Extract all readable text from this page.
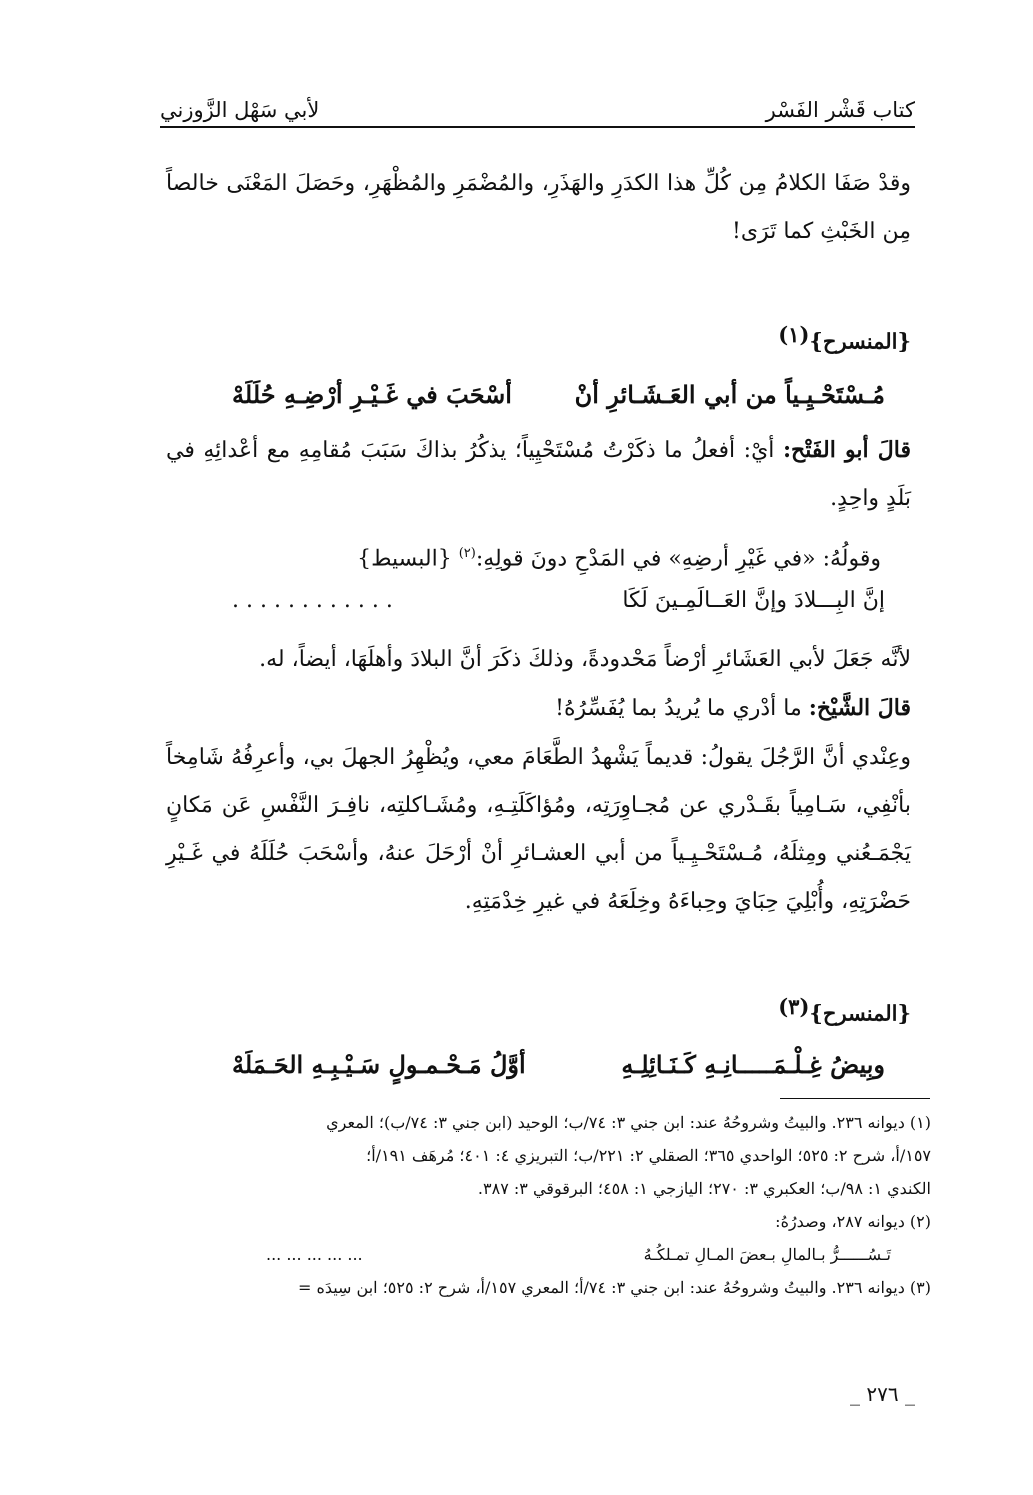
كتاب قَشْر الفَسْر
لأبي سَهْل الزَّوزني

وقدْ صَفَا الكلامُ مِن كُلِّ هذا الكدَرِ والهَذَرِ، والمُضْمَرِ والمُظْهَرِ، وحَصَلَ المَعْنَى خالصاً مِن الخَبْثِ كما تَرَى!

{المنسرح}$^{(١)}$
مُـسْتَحْـيِـياً من أبي العَـشَـائرِ أنْ
أسْحَبَ في غَـيْـرِ أرْضِـهِ حُلَلَهْ

قالَ أبو الفَتْح: أيْ: أفعلُ ما ذكَرْتُ مُسْتَحْيِياً؛ يذكُرُ بذاكَ سَبَبَ مُقامِهِ مع أعْدائِهِ في بَلَدٍ واحِدٍ.

وقولُهُ: «في غَيْرِ أرضِهِ» في المَدْحِ دونَ قولِهِ:$^{(٢)}$ {البسيط}

إنَّ البِـــلادَ وإنَّ العَــالَمِـينَ لَكَا
. . . . . . . . . . . .

لأنَّه جَعَلَ لأبي العَشَائرِ أرْضاً مَحْدودةً، وذلكَ ذكَرَ أنَّ البلادَ وأهلَهَا، أيضاً، له.

قالَ الشَّيْخ: ما أدْري ما يُريدُ بما يُفَسِّرُهُ!

وعِنْدي أنَّ الرَّجُلَ يقولُ: قديماً يَشْهدُ الطَّعَامَ معي، ويُظْهِرُ الجهلَ بي، وأعرِفُهُ شَامِخاً بأنْفِي، سَـامِياً بقَـدْري عن مُجـاوِرَتِه، ومُؤاكَلَتِـهِ، ومُشَـاكلتِه، نافِـرَ النَّفْسِ عَن مَكانٍ يَجْمَـعُني ومِثلَهُ، مُـسْتَحْـيِـياً من أبي العشـائرِ أنْ أرْحَلَ عنهُ، وأسْحَبَ حُلَلَهُ في غَـيْرِ حَضْرَتِهِ، وأُبْلِيَ حِبَايَ وحِباءَهُ وخِلَعَهُ في غيرِ خِدْمَتِهِ.

{المنسرح}$^{(٣)}$
وبِيضُ غِـلْـمَـــــانِـهِ كَـنَـائِلِـهِ
أوَّلُ مَـحْـمـولٍ سَـيْـبِـهِ الحَـمَلَهْ

(١) ديوانه ٢٣٦. والبيتُ وشروحُهُ عند: ابن جني ٣: ٧٤/ب؛ الوحيد (ابن جني ٣: ٧٤/ب)؛ المعري

١٥٧/أ، شرح ٢: ٥٢٥؛ الواحدي ٣٦٥؛ الصقلي ٢: ٢٢١/ب؛ التبريزي ٤: ٤٠١؛ مُرهَف ١٩١/أ؛

الكندي ١: ٩٨/ب؛ العكبري ٣: ٢٧٠؛ اليازجي ١: ٤٥٨؛ البرقوقي ٣: ٣٨٧.

(٢) ديوانه ٢٨٧، وصدرُهُ:

تَـسُــــــرُّ بـالمالِ بـعضَ المـالِ تمـلكُـهُ
... ... ... ... ...

(٣) ديوانه ٢٣٦. والبيتُ وشروحُهُ عند: ابن جني ٣: ٧٤/أ؛ المعري ١٥٧/أ، شرح ٢: ٥٢٥؛ ابن سِيدَه =

_ ٢٧٦ _
